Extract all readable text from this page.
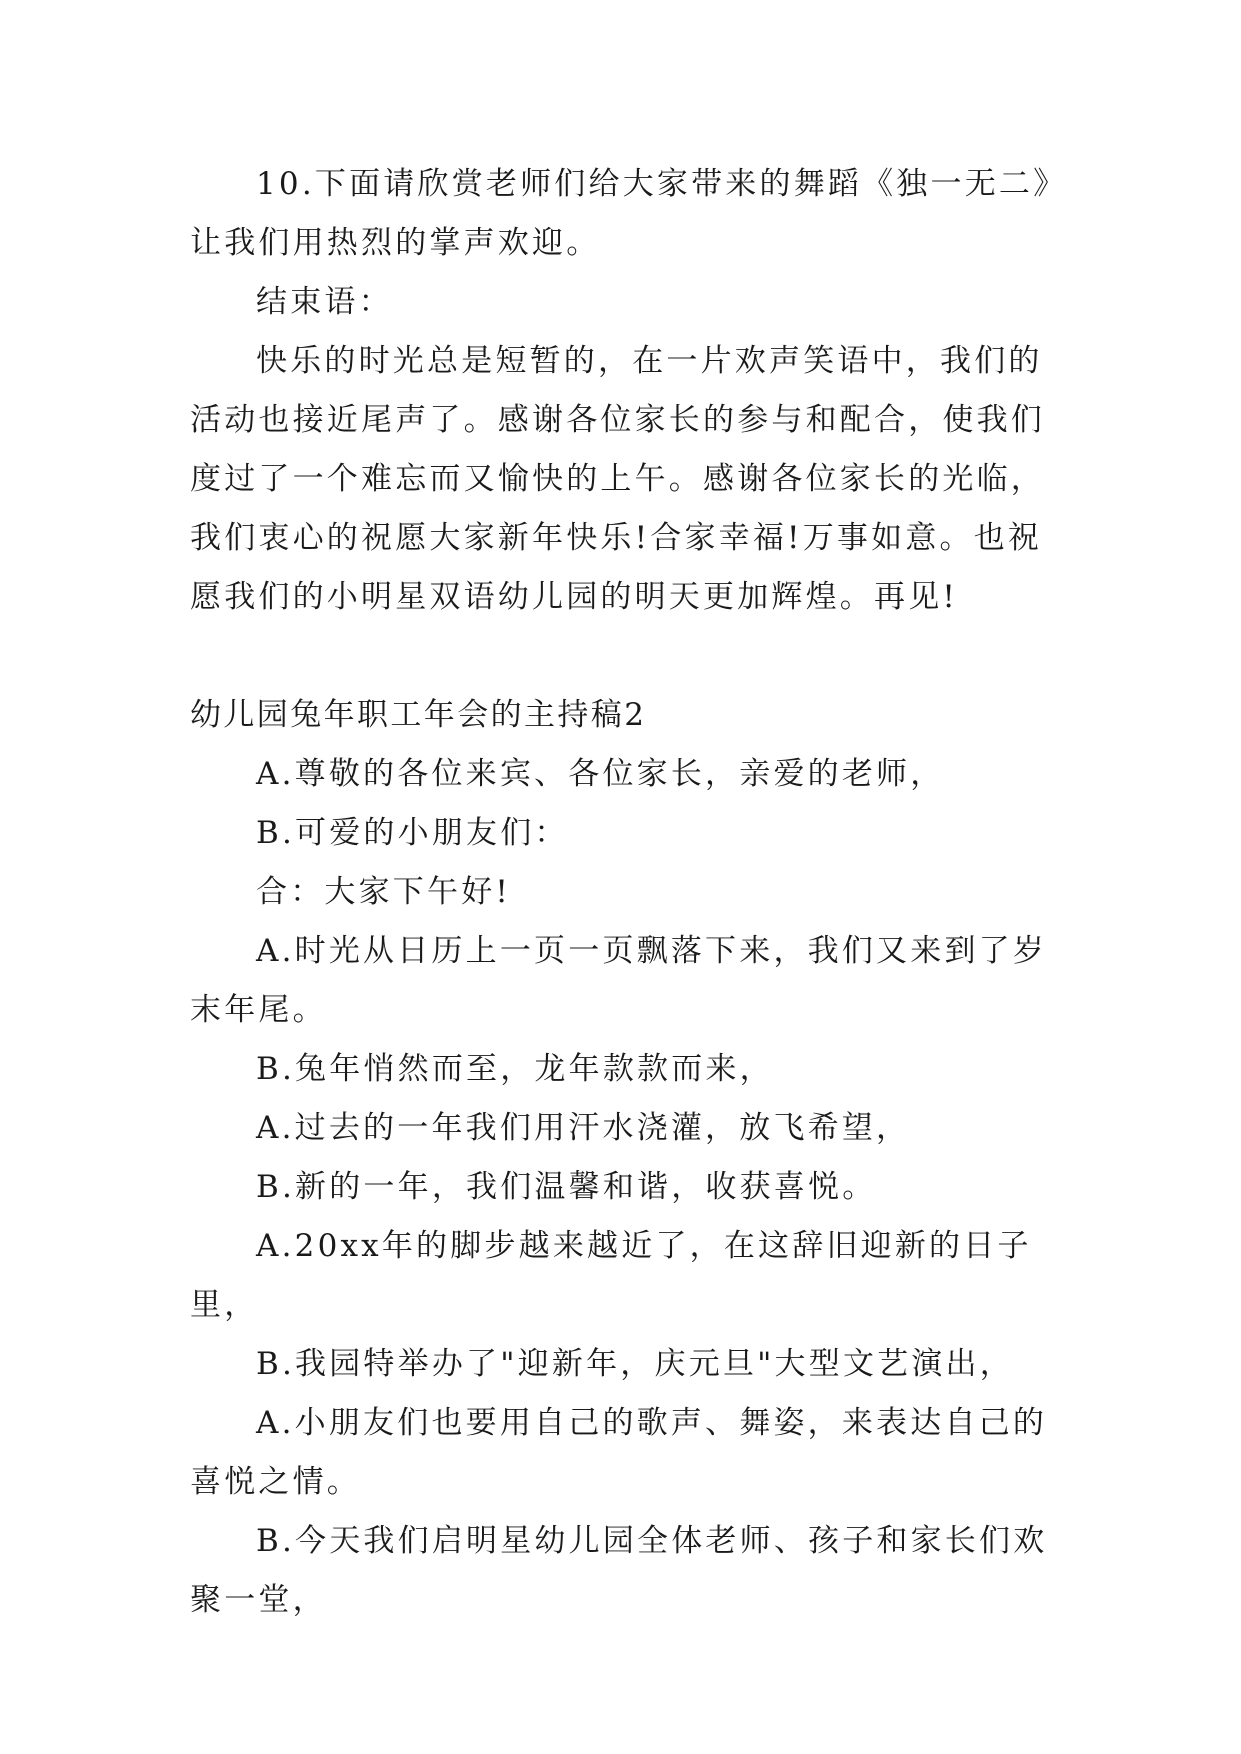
10.下面请欣赏老师们给大家带来的舞蹈《独一无二》让我们用热烈的掌声欢迎。

结束语：

快乐的时光总是短暂的，在一片欢声笑语中，我们的活动也接近尾声了。感谢各位家长的参与和配合，使我们度过了一个难忘而又愉快的上午。感谢各位家长的光临，我们衷心的祝愿大家新年快乐!合家幸福!万事如意。也祝愿我们的小明星双语幼儿园的明天更加辉煌。再见!

幼儿园兔年职工年会的主持稿2

A.尊敬的各位来宾、各位家长，亲爱的老师，

B.可爱的小朋友们：

合：大家下午好!

A.时光从日历上一页一页飘落下来，我们又来到了岁末年尾。

B.兔年悄然而至，龙年款款而来，

A.过去的一年我们用汗水浇灌，放飞希望，

B.新的一年，我们温馨和谐，收获喜悦。

A.20xx年的脚步越来越近了，在这辞旧迎新的日子里，

B.我园特举办了"迎新年，庆元旦"大型文艺演出，

A.小朋友们也要用自己的歌声、舞姿，来表达自己的喜悦之情。

B.今天我们启明星幼儿园全体老师、孩子和家长们欢聚一堂，
